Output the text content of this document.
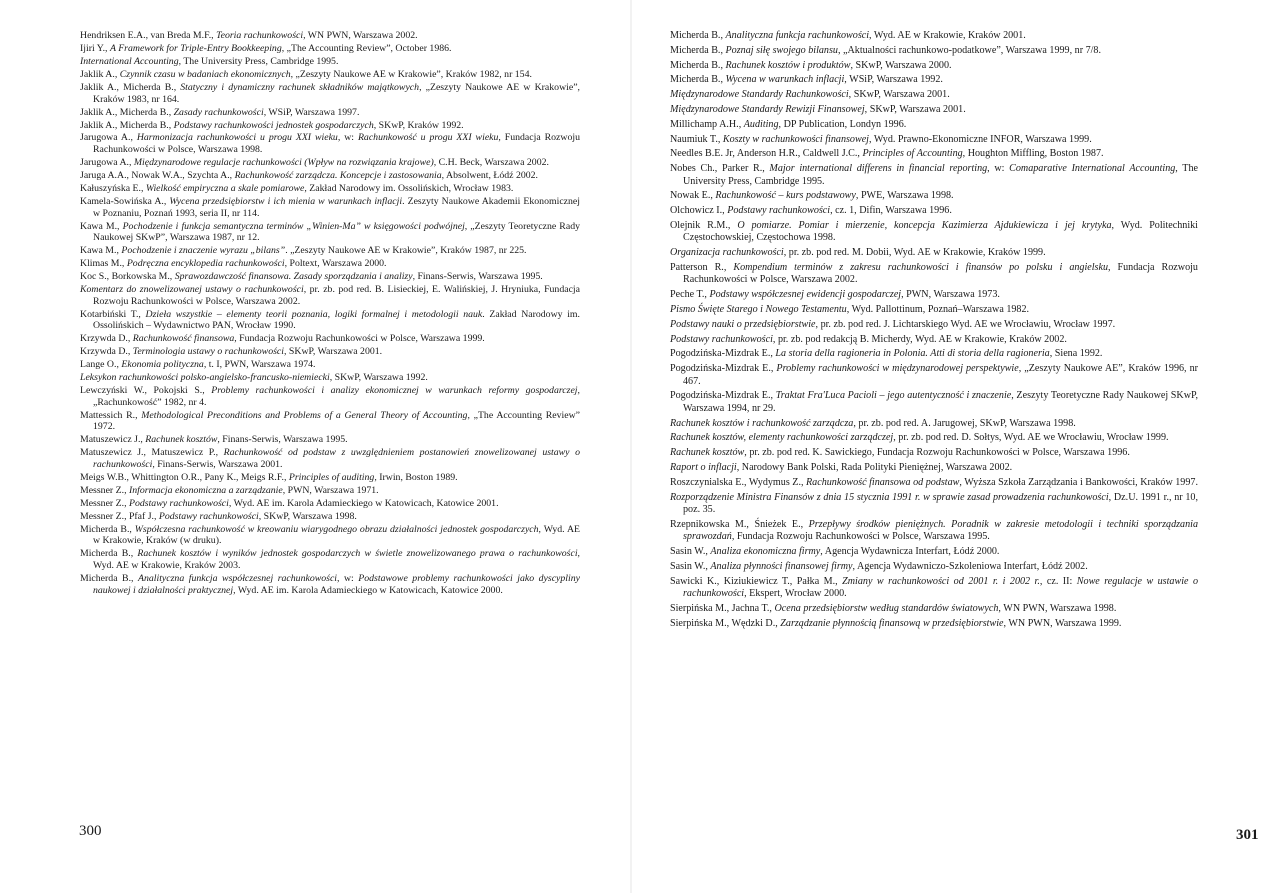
Hendriksen E.A., van Breda M.F., Teoria rachunkowości, WN PWN, Warszawa 2002.

Ijiri Y., A Framework for Triple-Entry Bookkeeping, „The Accounting Review”, October 1986.

International Accounting, The University Press, Cambridge 1995.

Jaklik A., Czynnik czasu w badaniach ekonomicznych, „Zeszyty Naukowe AE w Krakowie”, Kraków 1982, nr 154.

Jaklik A., Micherda B., Statyczny i dynamiczny rachunek składników majątkowych, „Zeszyty Naukowe AE w Krakowie”, Kraków 1983, nr 164.

Jaklik A., Micherda B., Zasady rachunkowości, WSiP, Warszawa 1997.

Jaklik A., Micherda B., Podstawy rachunkowości jednostek gospodarczych, SKwP, Kraków 1992.

Jarugowa A., Harmonizacja rachunkowości u progu XXI wieku, w: Rachunkowość u progu XXI wieku, Fundacja Rozwoju Rachunkowości w Polsce, Warszawa 1998.

Jarugowa A., Międzynarodowe regulacje rachunkowości (Wpływ na rozwiązania krajowe), C.H. Beck, Warszawa 2002.

Jaruga A.A., Nowak W.A., Szychta A., Rachunkowość zarządcza. Koncepcje i zastosowania, Absolwent, Łódź 2002.

Kałuszyńska E., Wielkość empiryczna a skale pomiarowe, Zakład Narodowy im. Ossolińskich, Wrocław 1983.

Kamela-Sowińska A., Wycena przedsiębiorstw i ich mienia w warunkach inflacji. Zeszyty Naukowe Akademii Ekonomicznej w Poznaniu, Poznań 1993, seria II, nr 114.

Kawa M., Pochodzenie i funkcja semantyczna terminów „Winien-Ma” w księgowości podwójnej, „Zeszyty Teoretyczne Rady Naukowej SKwP”, Warszawa 1987, nr 12.

Kawa M., Pochodzenie i znaczenie wyrazu „bilans”. „Zeszyty Naukowe AE w Krakowie”, Kraków 1987, nr 225.

Klimas M., Podręczna encyklopedia rachunkowości, Poltext, Warszawa 2000.

Koc S., Borkowska M., Sprawozdawczość finansowa. Zasady sporządzania i analizy, Finans-Serwis, Warszawa 1995.

Komentarz do znowelizowanej ustawy o rachunkowości, pr. zb. pod red. B. Lisieckiej, E. Walińskiej, J. Hryniuka, Fundacja Rozwoju Rachunkowości w Polsce, Warszawa 2002.

Kotarbiński T., Dzieła wszystkie – elementy teorii poznania, logiki formalnej i metodologii nauk. Zakład Narodowy im. Ossolińskich – Wydawnictwo PAN, Wrocław 1990.

Krzywda D., Rachunkowość finansowa, Fundacja Rozwoju Rachunkowości w Polsce, Warszawa 1999.

Krzywda D., Terminologia ustawy o rachunkowości, SKwP, Warszawa 2001.

Lange O., Ekonomia polityczna, t. I, PWN, Warszawa 1974.

Leksykon rachunkowości polsko-angielsko-francusko-niemiecki, SKwP, Warszawa 1992.

Lewczyński W., Pokojski S., Problemy rachunkowości i analizy ekonomicznej w warunkach reformy gospodarczej, „Rachunkowość” 1982, nr 4.

Mattessich R., Methodological Preconditions and Problems of a General Theory of Accounting, „The Accounting Review” 1972.

Matuszewicz J., Rachunek kosztów, Finans-Serwis, Warszawa 1995.

Matuszewicz J., Matuszewicz P., Rachunkowość od podstaw z uwzględnieniem postanowień znowelizowanej ustawy o rachunkowości, Finans-Serwis, Warszawa 2001.

Meigs W.B., Whittington O.R., Pany K., Meigs R.F., Principles of auditing, Irwin, Boston 1989.

Messner Z., Informacja ekonomiczna a zarządzanie, PWN, Warszawa 1971.

Messner Z., Podstawy rachunkowości, Wyd. AE im. Karola Adamieckiego w Katowicach, Katowice 2001.

Messner Z., Pfaf J., Podstawy rachunkowości, SKwP, Warszawa 1998.

Micherda B., Współczesna rachunkowość w kreowaniu wiarygodnego obrazu działalności jednostek gospodarczych, Wyd. AE w Krakowie, Kraków (w druku).

Micherda B., Rachunek kosztów i wyników jednostek gospodarczych w świetle znowelizowanego prawa o rachunkowości, Wyd. AE w Krakowie, Kraków 2003.

Micherda B., Analityczna funkcja współczesnej rachunkowości, w: Podstawowe problemy rachunkowości jako dyscypliny naukowej i działalności praktycznej, Wyd. AE im. Karola Adamieckiego w Katowicach, Katowice 2000.

300

Micherda B., Analityczna funkcja rachunkowości, Wyd. AE w Krakowie, Kraków 2001.

Micherda B., Poznaj siłę swojego bilansu, „Aktualności rachunkowo-podatkowe”, Warszawa 1999, nr 7/8.

Micherda B., Rachunek kosztów i produktów, SKwP, Warszawa 2000.

Micherda B., Wycena w warunkach inflacji, WSiP, Warszawa 1992.

Międzynarodowe Standardy Rachunkowości, SKwP, Warszawa 2001.

Międzynarodowe Standardy Rewizji Finansowej, SKwP, Warszawa 2001.

Millichamp A.H., Auditing, DP Publication, Londyn 1996.

Naumiuk T., Koszty w rachunkowości finansowej, Wyd. Prawno-Ekonomiczne INFOR, Warszawa 1999.

Needles B.E. Jr, Anderson H.R., Caldwell J.C., Principles of Accounting, Houghton Miffling, Boston 1987.

Nobes Ch., Parker R., Major international differens in financial reporting, w: Comaparative International Accounting, The University Press, Cambridge 1995.

Nowak E., Rachunkowość – kurs podstawowy, PWE, Warszawa 1998.

Olchowicz I., Podstawy rachunkowości, cz. 1, Difin, Warszawa 1996.

Olejnik R.M., O pomiarze. Pomiar i mierzenie, koncepcja Kazimierza Ajdukiewicza i jej krytyka, Wyd. Politechniki Częstochowskiej, Częstochowa 1998.

Organizacja rachunkowości, pr. zb. pod red. M. Dobii, Wyd. AE w Krakowie, Kraków 1999.

Patterson R., Kompendium terminów z zakresu rachunkowości i finansów po polsku i angielsku, Fundacja Rozwoju Rachunkowości w Polsce, Warszawa 2002.

Peche T., Podstawy współczesnej ewidencji gospodarczej, PWN, Warszawa 1973.

Pismo Święte Starego i Nowego Testamentu, Wyd. Pallottinum, Poznań–Warszawa 1982.

Podstawy nauki o przedsiębiorstwie, pr. zb. pod red. J. Lichtarskiego Wyd. AE we Wrocławiu, Wrocław 1997.

Podstawy rachunkowości, pr. zb. pod redakcją B. Micherdy, Wyd. AE w Krakowie, Kraków 2002.

Pogodzińska-Mizdrak E., La storia della ragioneria in Polonia. Atti di storia della ragioneria, Siena 1992.

Pogodzińska-Mizdrak E., Problemy rachunkowości w międzynarodowej perspektywie, „Zeszyty Naukowe AE”, Kraków 1996, nr 467.

Pogodzińska-Mizdrak E., Traktat Fra'Luca Pacioli – jego autentyczność i znaczenie, Zeszyty Teoretyczne Rady Naukowej SKwP, Warszawa 1994, nr 29.

Rachunek kosztów i rachunkowość zarządcza, pr. zb. pod red. A. Jarugowej, SKwP, Warszawa 1998.

Rachunek kosztów, elementy rachunkowości zarządczej, pr. zb. pod red. D. Sołtys, Wyd. AE we Wrocławiu, Wrocław 1999.

Rachunek kosztów, pr. zb. pod red. K. Sawickiego, Fundacja Rozwoju Rachunkowości w Polsce, Warszawa 1996.

Raport o inflacji, Narodowy Bank Polski, Rada Polityki Pieniężnej, Warszawa 2002.

Roszczynialska E., Wydymus Z., Rachunkowość finansowa od podstaw, Wyższa Szkoła Zarządzania i Bankowości, Kraków 1997.

Rozporządzenie Ministra Finansów z dnia 15 stycznia 1991 r. w sprawie zasad prowadzenia rachunkowości, Dz.U. 1991 r., nr 10, poz. 35.

Rzepnikowska M., Śnieżek E., Przepływy środków pieniężnych. Poradnik w zakresie metodologii i techniki sporządzania sprawozdań, Fundacja Rozwoju Rachunkowości w Polsce, Warszawa 1995.

Sasin W., Analiza ekonomiczna firmy, Agencja Wydawnicza Interfart, Łódź 2000.

Sasin W., Analiza płynności finansowej firmy, Agencja Wydawniczo-Szkoleniowa Interfart, Łódź 2002.

Sawicki K., Kiziukiewicz T., Pałka M., Zmiany w rachunkowości od 2001 r. i 2002 r., cz. II: Nowe regulacje w ustawie o rachunkowości, Ekspert, Wrocław 2000.

Sierpińska M., Jachna T., Ocena przedsiębiorstw według standardów światowych, WN PWN, Warszawa 1998.

Sierpińska M., Wędzki D., Zarządzanie płynnością finansową w przedsiębiorstwie, WN PWN, Warszawa 1999.

301
